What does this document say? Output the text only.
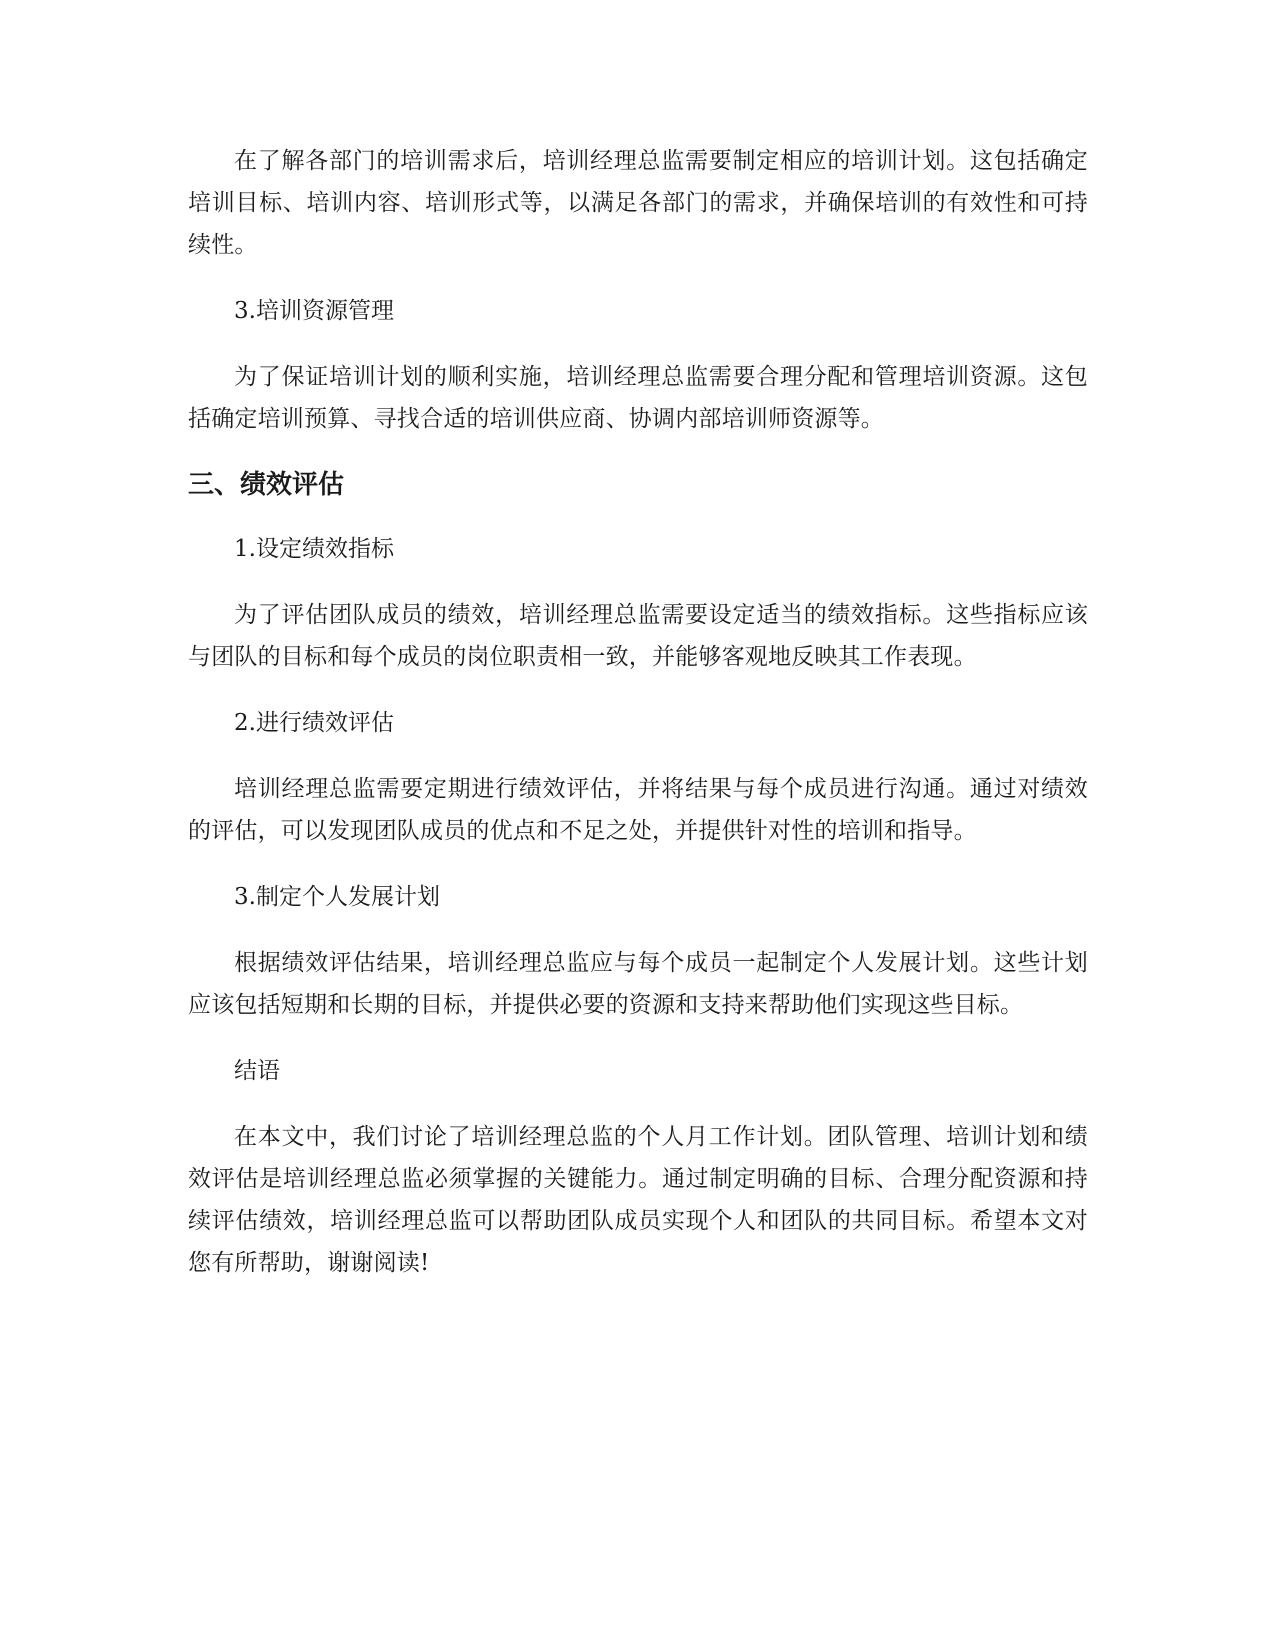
在了解各部门的培训需求后，培训经理总监需要制定相应的培训计划。这包括确定培训目标、培训内容、培训形式等，以满足各部门的需求，并确保培训的有效性和可持续性。

3.培训资源管理

为了保证培训计划的顺利实施，培训经理总监需要合理分配和管理培训资源。这包括确定培训预算、寻找合适的培训供应商、协调内部培训师资源等。

三、绩效评估

1.设定绩效指标

为了评估团队成员的绩效，培训经理总监需要设定适当的绩效指标。这些指标应该与团队的目标和每个成员的岗位职责相一致，并能够客观地反映其工作表现。

2.进行绩效评估

培训经理总监需要定期进行绩效评估，并将结果与每个成员进行沟通。通过对绩效的评估，可以发现团队成员的优点和不足之处，并提供针对性的培训和指导。

3.制定个人发展计划

根据绩效评估结果，培训经理总监应与每个成员一起制定个人发展计划。这些计划应该包括短期和长期的目标，并提供必要的资源和支持来帮助他们实现这些目标。

结语

在本文中，我们讨论了培训经理总监的个人月工作计划。团队管理、培训计划和绩效评估是培训经理总监必须掌握的关键能力。通过制定明确的目标、合理分配资源和持续评估绩效，培训经理总监可以帮助团队成员实现个人和团队的共同目标。希望本文对您有所帮助，谢谢阅读!
